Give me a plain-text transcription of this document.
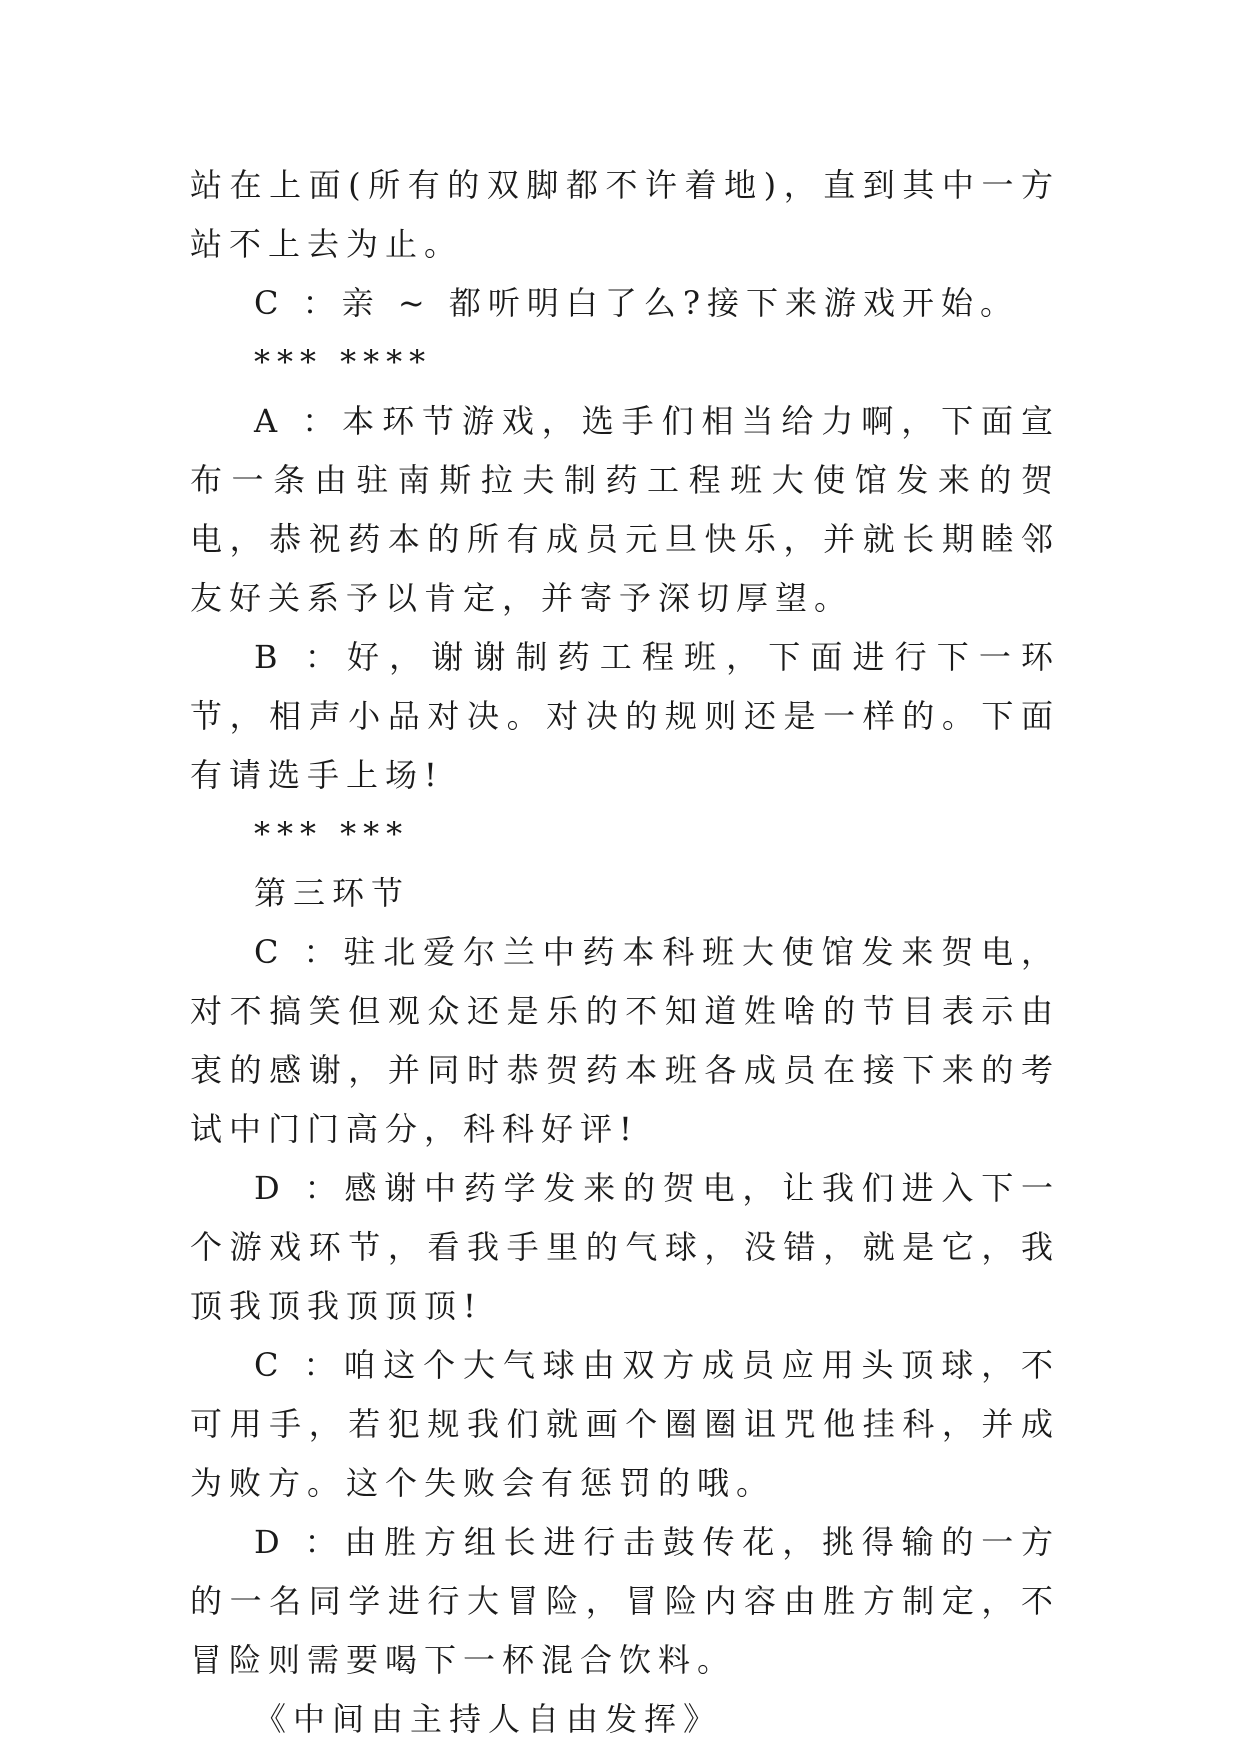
站在上面(所有的双脚都不许着地)，直到其中一方站不上去为止。

C ：亲 ~ 都听明白了么?接下来游戏开始。

*** ****

A ：本环节游戏，选手们相当给力啊，下面宣布一条由驻南斯拉夫制药工程班大使馆发来的贺电，恭祝药本的所有成员元旦快乐，并就长期睦邻友好关系予以肯定，并寄予深切厚望。

B ：好，谢谢制药工程班，下面进行下一环节，相声小品对决。对决的规则还是一样的。下面有请选手上场!

*** ***

第三环节

C ：驻北爱尔兰中药本科班大使馆发来贺电，对不搞笑但观众还是乐的不知道姓啥的节目表示由衷的感谢，并同时恭贺药本班各成员在接下来的考试中门门高分，科科好评!

D ：感谢中药学发来的贺电，让我们进入下一个游戏环节，看我手里的气球，没错，就是它，我顶我顶我顶顶顶!

C ：咱这个大气球由双方成员应用头顶球，不可用手，若犯规我们就画个圈圈诅咒他挂科，并成为败方。这个失败会有惩罚的哦。

D ：由胜方组长进行击鼓传花，挑得输的一方的一名同学进行大冒险，冒险内容由胜方制定，不冒险则需要喝下一杯混合饮料。

《中间由主持人自由发挥》
